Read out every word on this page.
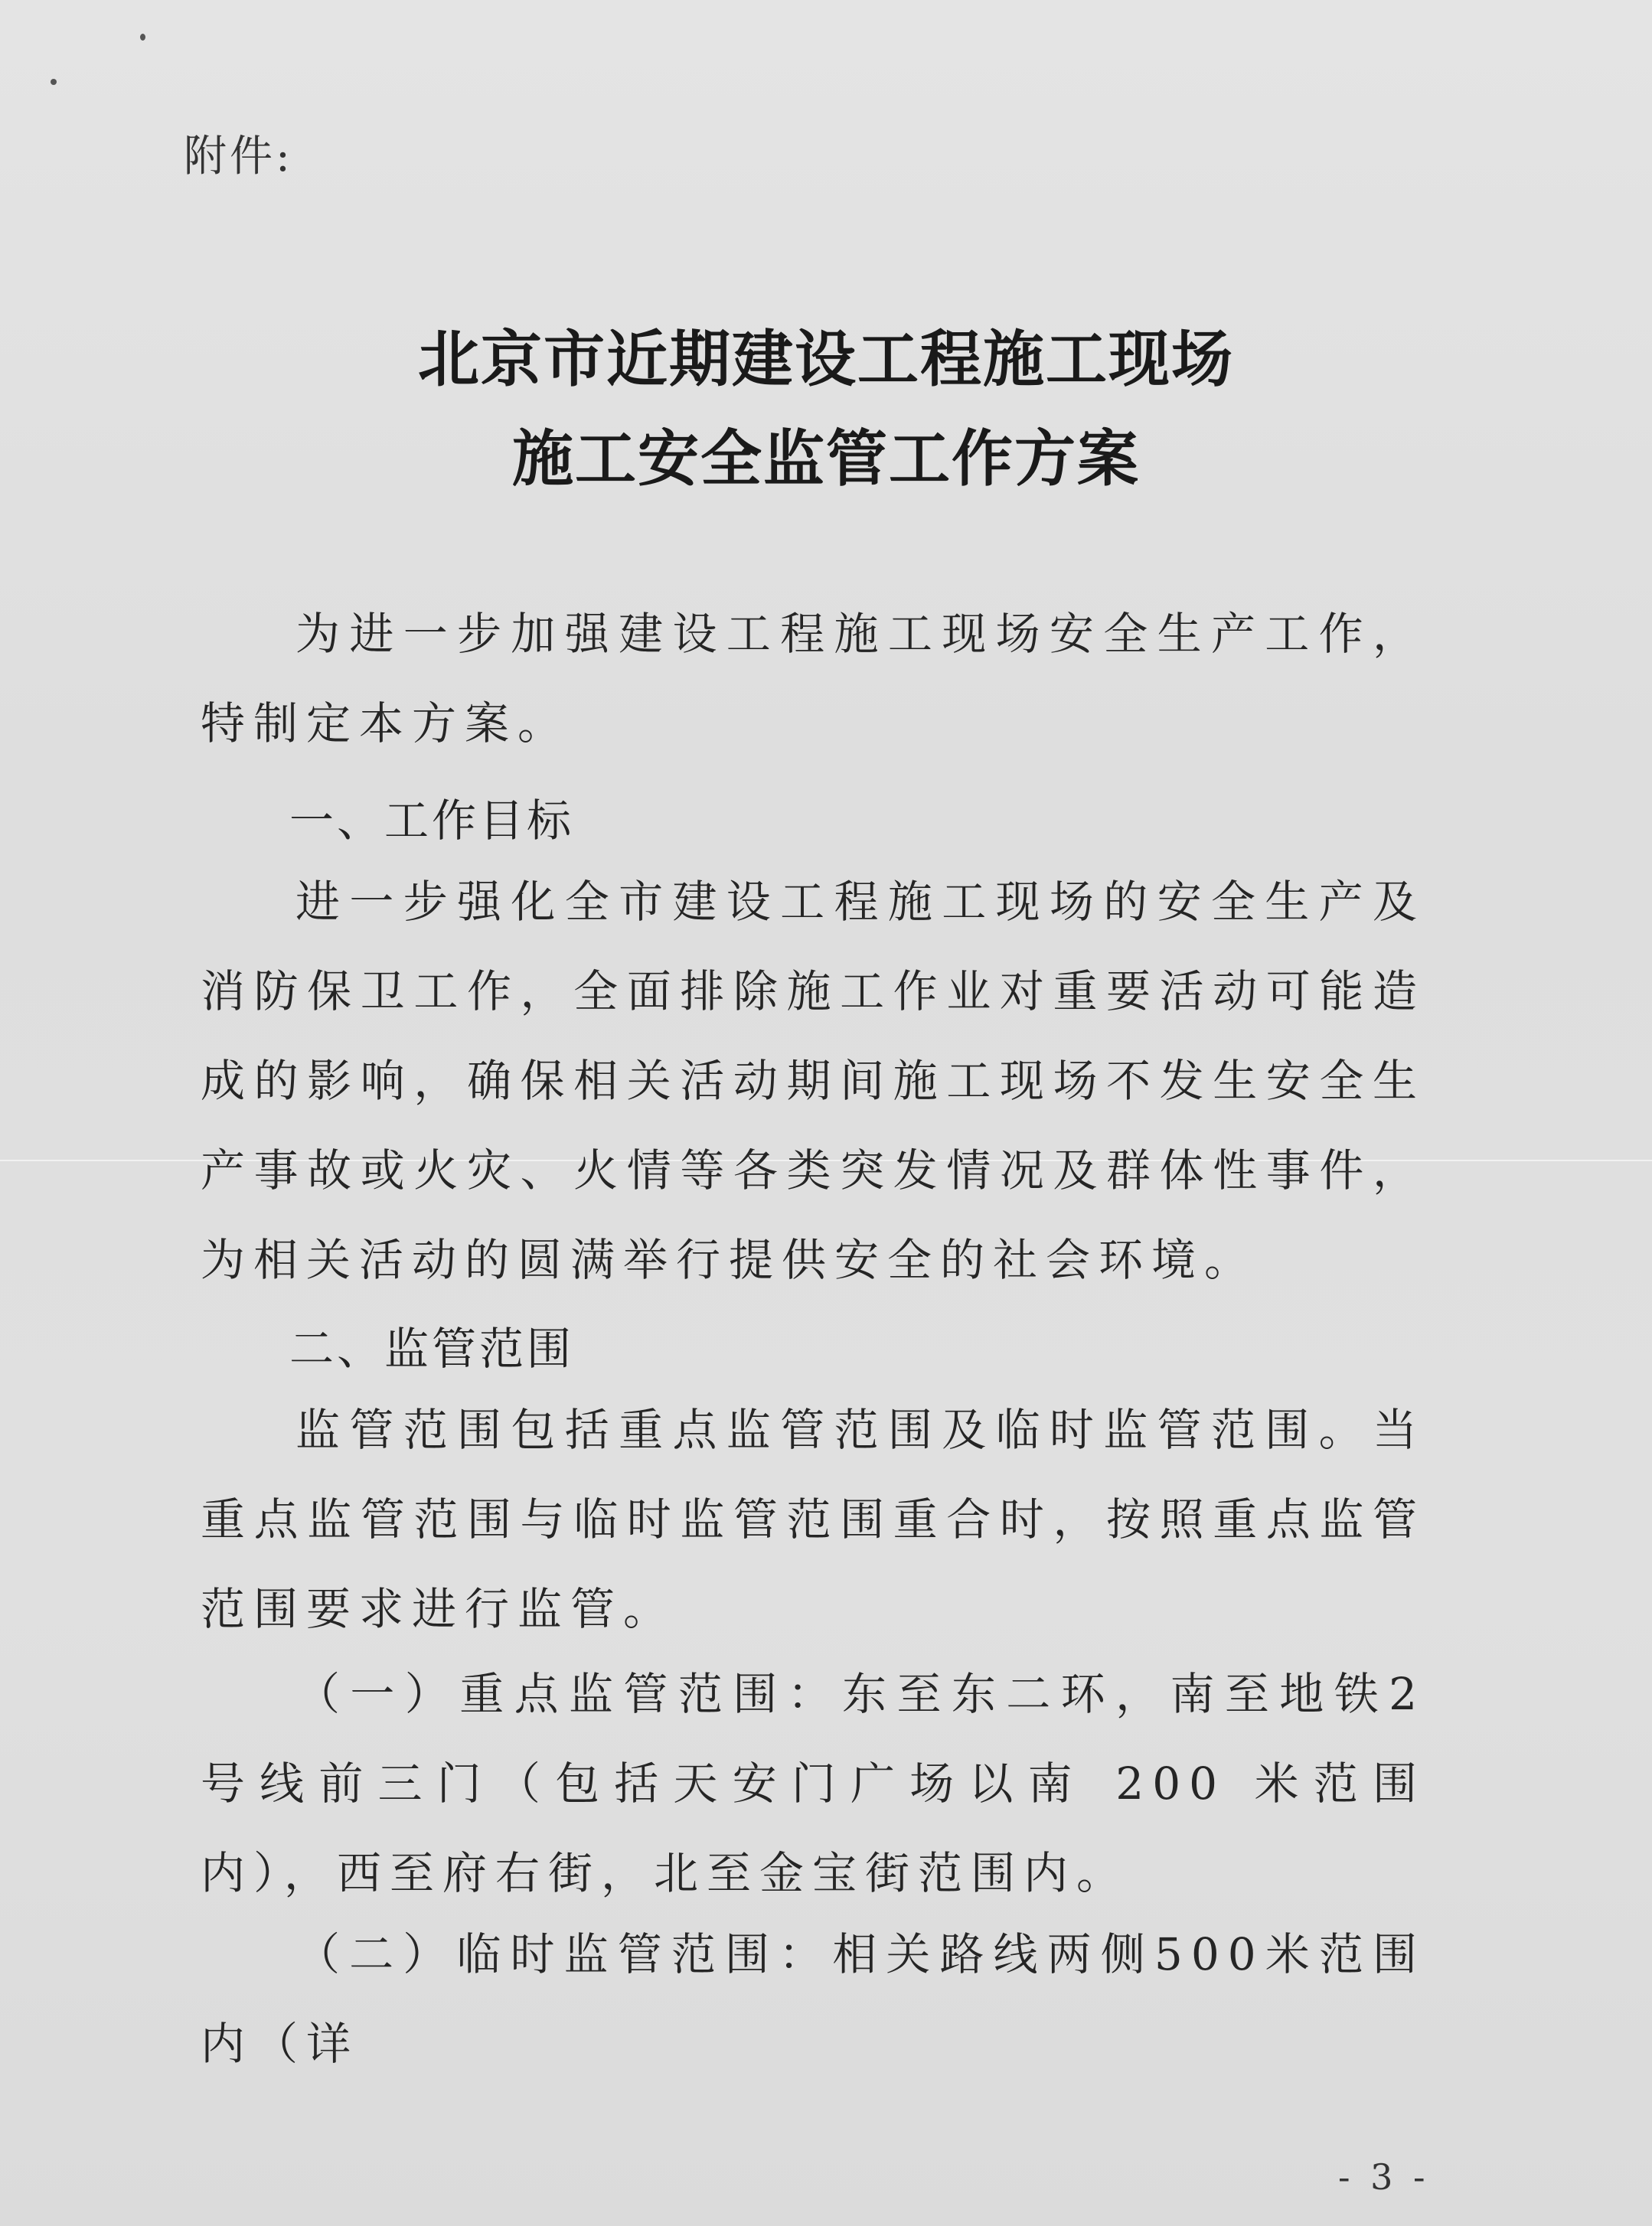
附件:
北京市近期建设工程施工现场
施工安全监管工作方案
为进一步加强建设工程施工现场安全生产工作，特制定本方案。
一、工作目标
进一步强化全市建设工程施工现场的安全生产及消防保卫工作，全面排除施工作业对重要活动可能造成的影响，确保相关活动期间施工现场不发生安全生产事故或火灾、火情等各类突发情况及群体性事件，为相关活动的圆满举行提供安全的社会环境。
二、监管范围
监管范围包括重点监管范围及临时监管范围。当重点监管范围与临时监管范围重合时，按照重点监管范围要求进行监管。
（一）重点监管范围：东至东二环，南至地铁2号线前三门（包括天安门广场以南 200 米范围内），西至府右街，北至金宝街范围内。
（二）临时监管范围：相关路线两侧500米范围内（详
- 3 -
